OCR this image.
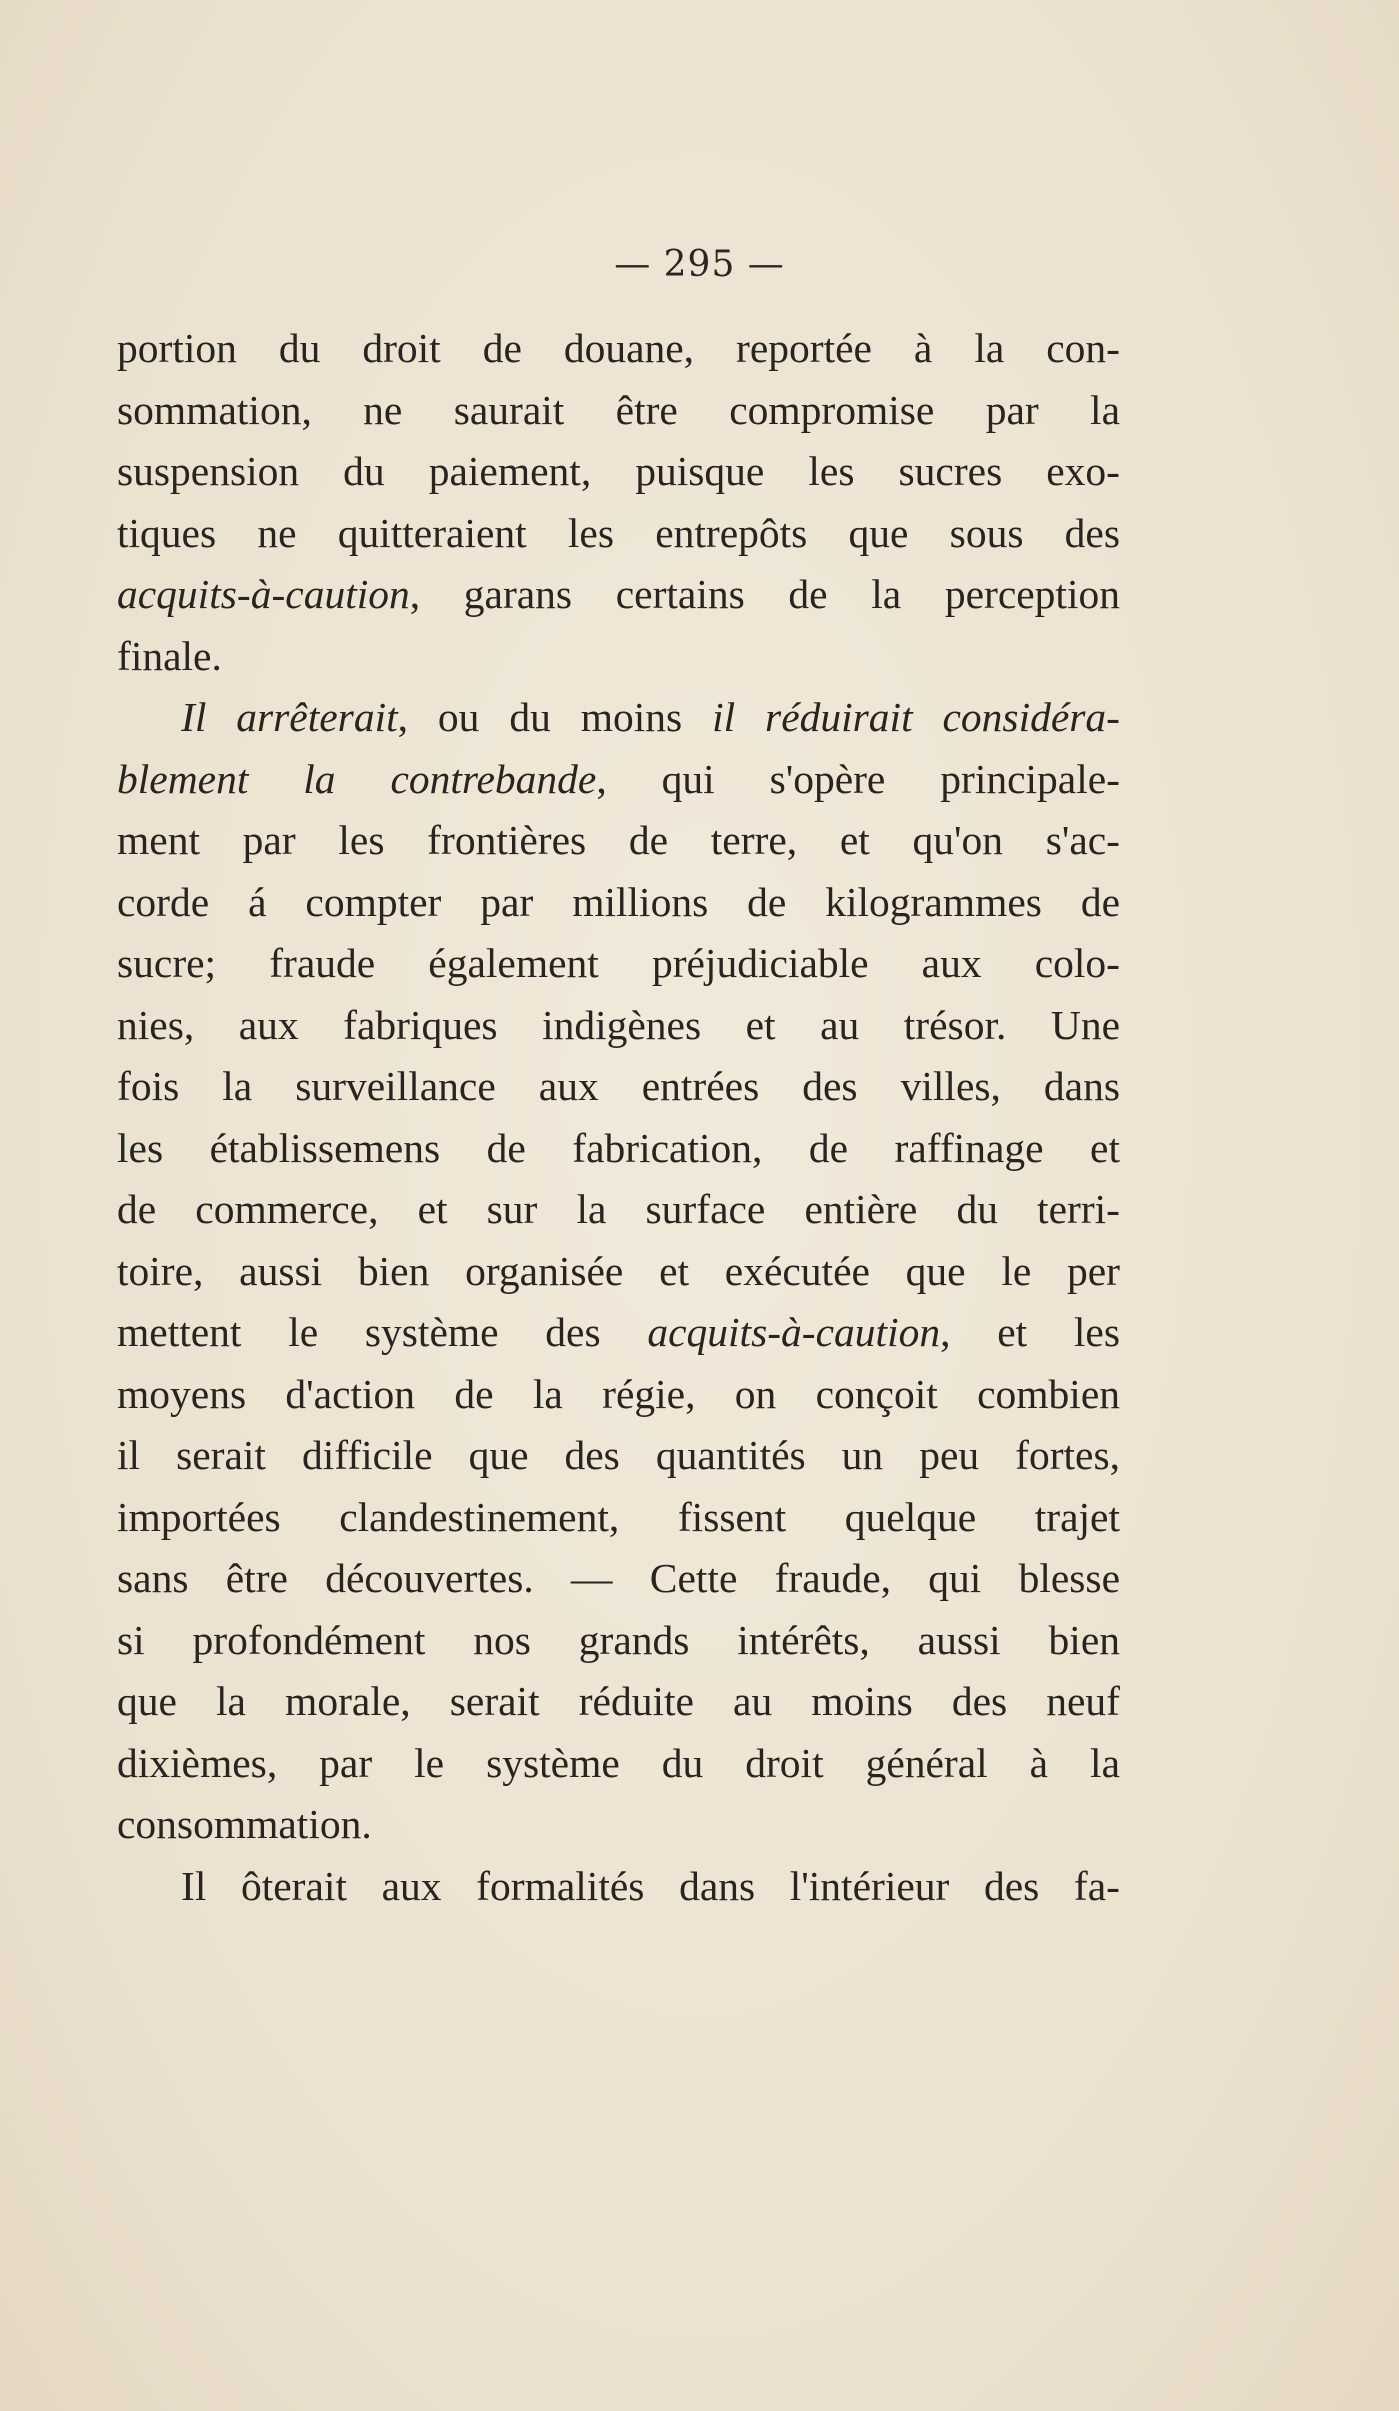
— 295 —
portion du droit de douane, reportée à la con-
sommation, ne saurait être compromise par la
suspension du paiement, puisque les sucres exo-
tiques ne quitteraient les entrepôts que sous des
acquits-à-caution, garans certains de la perception
finale.
Il arrêterait, ou du moins il réduirait considéra-
blement la contrebande, qui s'opère principale-
ment par les frontières de terre, et qu'on s'ac-
corde á compter par millions de kilogrammes de
sucre; fraude également préjudiciable aux colo-
nies, aux fabriques indigènes et au trésor. Une
fois la surveillance aux entrées des villes, dans
les établissemens de fabrication, de raffinage et
de commerce, et sur la surface entière du terri-
toire, aussi bien organisée et exécutée que le per
mettent le système des acquits-à-caution, et les
moyens d'action de la régie, on conçoit combien
il serait difficile que des quantités un peu fortes,
importées clandestinement, fissent quelque trajet
sans être découvertes. — Cette fraude, qui blesse
si profondément nos grands intérêts, aussi bien
que la morale, serait réduite au moins des neuf
dixièmes, par le système du droit général à la
consommation.
Il ôterait aux formalités dans l'intérieur des fa-
